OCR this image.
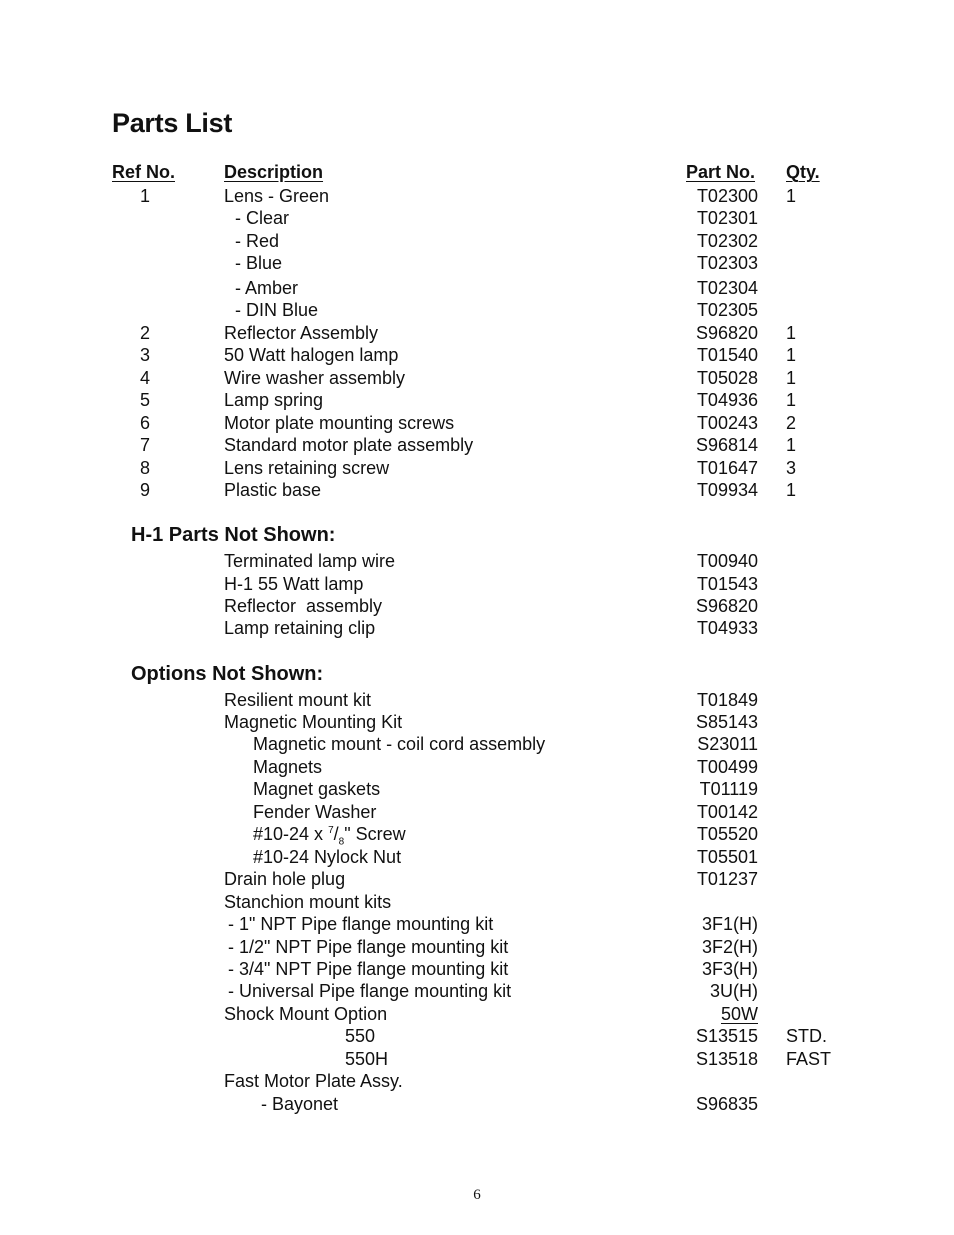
Parts List
Ref No.	Description	Part No. Qty.
1	Lens - Green	T02300 1
- Clear	T02301
- Red	T02302
- Blue	T02303
- Amber	T02304
- DIN Blue	T02305
2	Reflector Assembly	S96820 1
3	50 Watt halogen lamp	T01540 1
4	Wire washer assembly	T05028 1
5	Lamp spring	T04936 1
6	Motor plate mounting screws	T00243 2
7	Standard motor plate assembly	S96814 1
8	Lens retaining screw	T01647 3
9	Plastic base	T09934 1
H-1 Parts Not Shown:
Terminated lamp wire	T00940
H-1 55 Watt lamp	T01543
Reflector  assembly	S96820
Lamp retaining clip	T04933
Options Not Shown:
Resilient mount kit	T01849
Magnetic Mounting Kit	S85143
Magnetic mount - coil cord assembly	S23011
Magnets	T00499
Magnet gaskets	T01119
Fender Washer	T00142
#10-24 x $^7/_8$" Screw	T05520
#10-24 Nylock Nut	T05501
Drain hole plug	T01237
Stanchion mount kits
- 1" NPT Pipe flange mounting kit	3F1(H)
- 1/2" NPT Pipe flange mounting kit	3F2(H)
- 3/4" NPT Pipe flange mounting kit	3F3(H)
- Universal Pipe flange mounting kit	3U(H)
Shock Mount Option	50W
550	S13515 STD.
550H	S13518 FAST
Fast Motor Plate Assy.
- Bayonet	S96835
6
